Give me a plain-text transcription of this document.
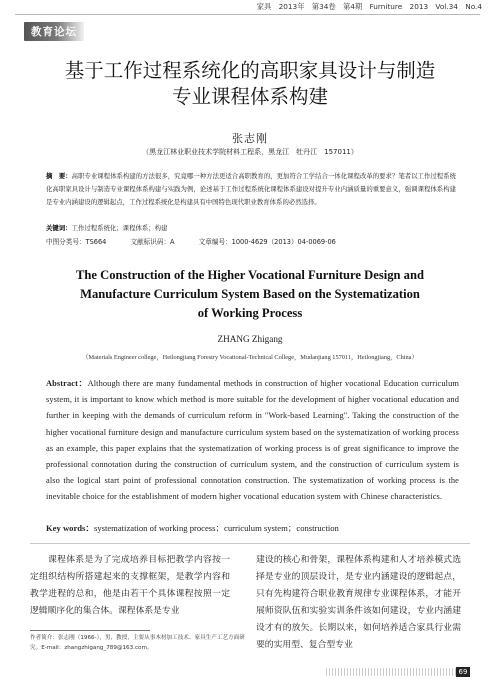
家具　2013年　第34卷　第4期　Furniture　2013　Vol.34　No.4
教育论坛
基于工作过程系统化的高职家具设计与制造
专业课程体系构建
张志刚
（黑龙江林业职业技术学院材料工程系，黑龙江　牡丹江　157011）
摘　要：高职专业课程体系构建的方法很多，究竟哪一种方法更适合高职教育的，更加符合工学结合一体化课程改革的要求？笔者以工作过程系统化高职家具设计与制造专业课程体系构建与实践为例，论述基于工作过程系统化课程体系建设对提升专业内涵质量的重要意义，强调课程体系构建是专业内涵建设的逻辑起点，工作过程系统化是构建具有中国特色现代职业教育体系的必然选择。
关键词：工作过程系统化；课程体系；构建
中图分类号：TS664	文献标识码：A	文章编号：1000-4629（2013）04-0069-06
The Construction of the Higher Vocational Furniture Design and
Manufacture Curriculum System Based on the Systematization
of Working Process
ZHANG Zhigang
（Materials Engineer college，Heilongjiang Forestry Vocational-Technical College，Mudanjiang 157011，Heilongjiang，China）
Abstract：Although there are many fundamental methods in construction of higher vocational Education curriculum system, it is important to know which method is more suitable for the development of higher vocational education and further in keeping with the demands of curriculum reform in "Work-based Learning". Taking the construction of the higher vocational furniture design and manufacture curriculum system based on the systematization of working process as an example, this paper explains that the systematization of working process is of great significance to improve the professional connotation during the construction of curriculum system, and the construction of curriculum system is also the logical start point of professional connotation construction. The systematization of working process is the inevitable choice for the establishment of modern higher vocational education system with Chinese characteristics.
Key words：systematization of working process；curriculum system；construction
课程体系是为了完成培养目标把教学内容按一定组织结构所搭建起来的支撑框架，是教学内容和教学进程的总和，他是由若干个具体课程按照一定逻辑顺序化的集合体。课程体系是专业
建设的核心和骨架，课程体系构建和人才培养模式选择是专业的顶层设计，是专业内涵建设的逻辑起点，只有先构建符合职业教育规律专业课程体系，才能开展师资队伍和实验实训条件该如何建设，专业内涵建设才有的放矢。长期以来，如何培养适合家具行业需要的实用型、复合型专业
作者简介：张志刚（1966-），男，教授，主要从事木材加工技术、家具生产工艺方面研究。E-mail：zhangzhigang_789@163.com。
69
